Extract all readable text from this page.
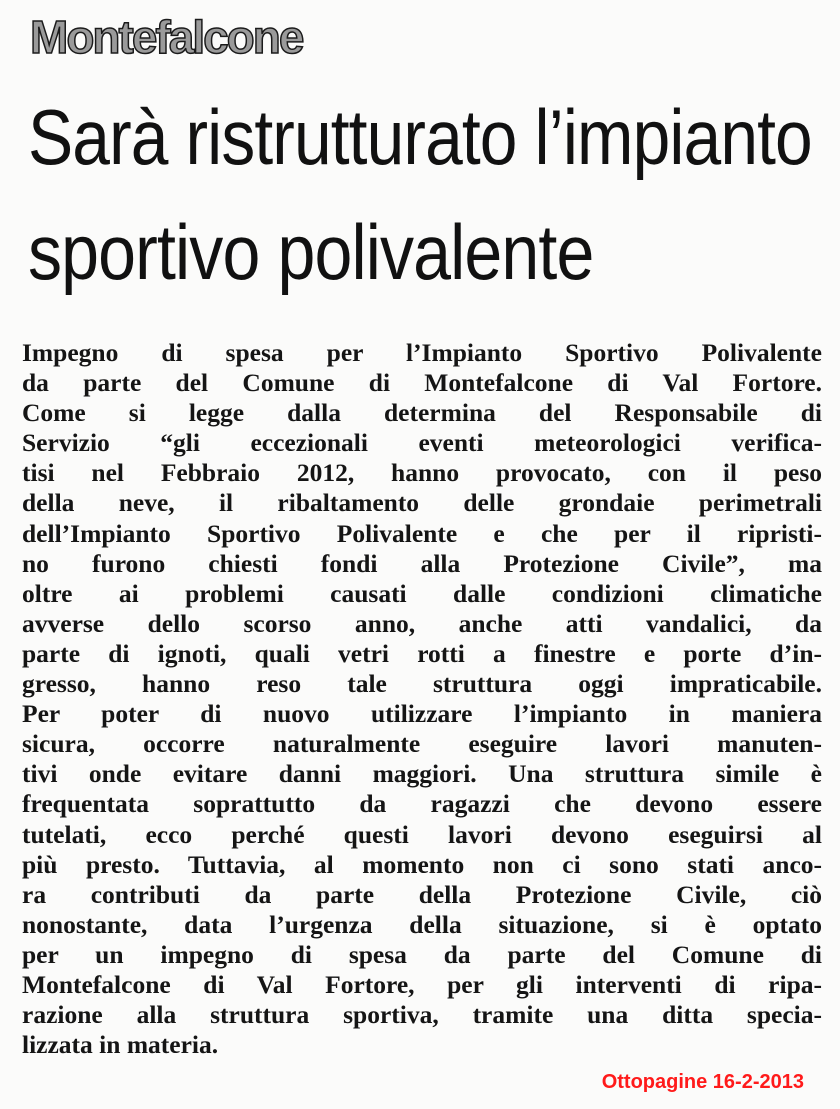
Montefalcone
Sarà ristrutturato l’impianto
sportivo polivalente
Impegno di spesa per l’Impianto Sportivo Polivalente
da parte del Comune di Montefalcone di Val Fortore.
Come si legge dalla determina del Responsabile di
Servizio “gli eccezionali eventi meteorologici verifica-
tisi nel Febbraio 2012, hanno provocato, con il peso
della neve, il ribaltamento delle grondaie perimetrali
dell’Impianto Sportivo Polivalente e che per il ripristi-
no furono chiesti fondi alla Protezione Civile”, ma
oltre ai problemi causati dalle condizioni climatiche
avverse dello scorso anno, anche atti vandalici, da
parte di ignoti, quali vetri rotti a finestre e porte d’in-
gresso, hanno reso tale struttura oggi impraticabile.
Per poter di nuovo utilizzare l’impianto in maniera
sicura, occorre naturalmente eseguire lavori manuten-
tivi onde evitare danni maggiori. Una struttura simile è
frequentata soprattutto da ragazzi che devono essere
tutelati, ecco perché questi lavori devono eseguirsi al
più presto. Tuttavia, al momento non ci sono stati anco-
ra contributi da parte della Protezione Civile, ciò
nonostante, data l’urgenza della situazione, si è optato
per un impegno di spesa da parte del Comune di
Montefalcone di Val Fortore, per gli interventi di ripa-
razione alla struttura sportiva, tramite una ditta specia-
lizzata in materia.
Ottopagine 16-2-2013
